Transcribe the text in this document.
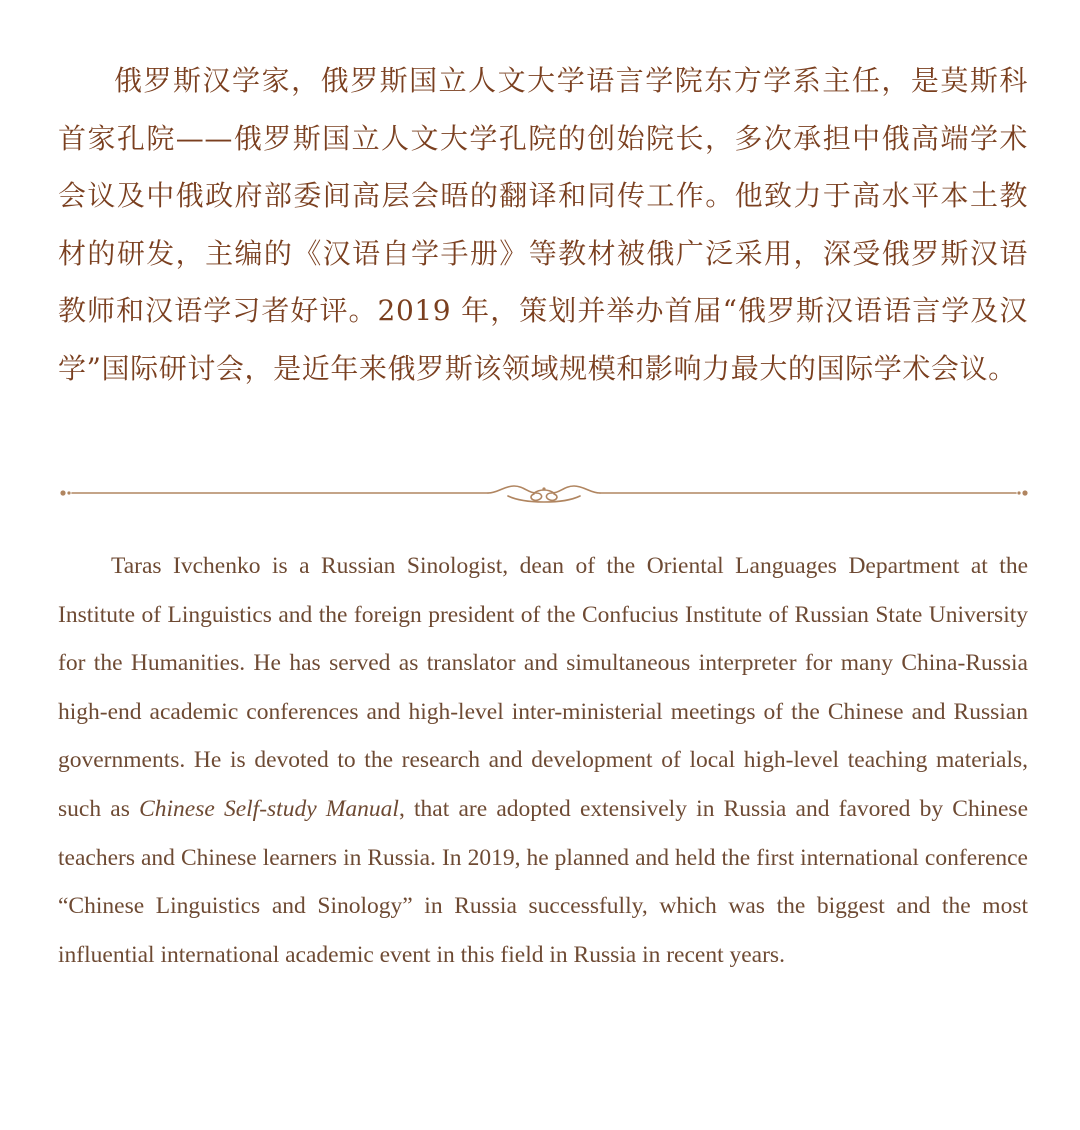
俄罗斯汉学家，俄罗斯国立人文大学语言学院东方学系主任，是莫斯科首家孔院——俄罗斯国立人文大学孔院的创始院长，多次承担中俄高端学术会议及中俄政府部委间高层会晤的翻译和同传工作。他致力于高水平本土教材的研发，主编的《汉语自学手册》等教材被俄广泛采用，深受俄罗斯汉语教师和汉语学习者好评。2019 年，策划并举办首届“俄罗斯汉语语言学及汉学”国际研讨会，是近年来俄罗斯该领域规模和影响力最大的国际学术会议。

Taras Ivchenko is a Russian Sinologist, dean of the Oriental Languages Department at the Institute of Linguistics and the foreign president of the Confucius Institute of Russian State University for the Humanities. He has served as translator and simultaneous interpreter for many China-Russia high-end academic conferences and high-level inter-ministerial meetings of the Chinese and Russian governments. He is devoted to the research and development of local high-level teaching materials, such as Chinese Self-study Manual, that are adopted extensively in Russia and favored by Chinese teachers and Chinese learners in Russia. In 2019, he planned and held the first international conference “Chinese Linguistics and Sinology” in Russia successfully, which was the biggest and the most influential international academic event in this field in Russia in recent years.
